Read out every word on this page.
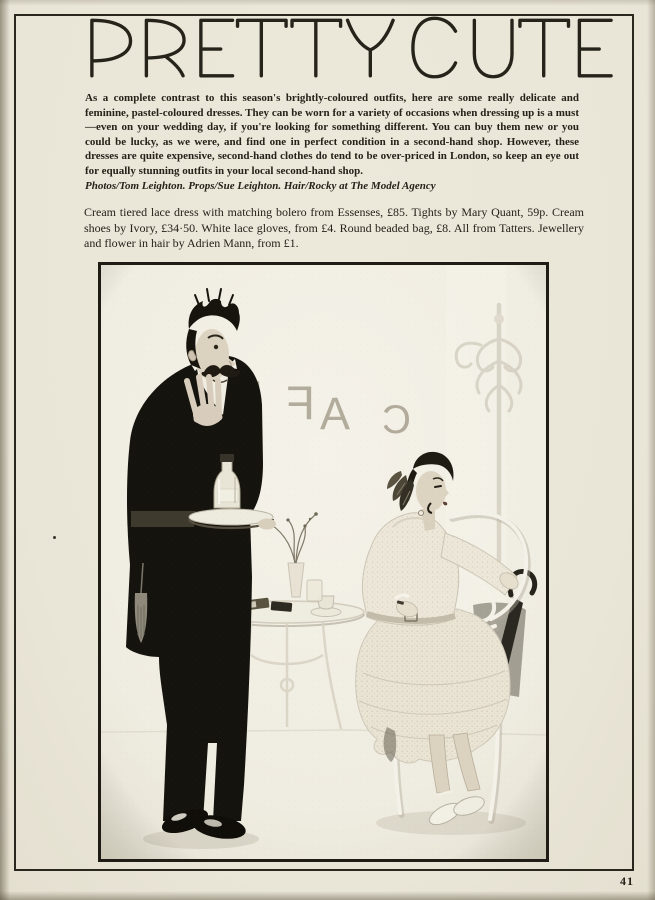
As a complete contrast to this season's brightly-coloured outfits, here are some really delicate and feminine, pastel-coloured dresses. They can be worn for a variety of occasions when dressing up is a must —even on your wedding day, if you're looking for something different. You can buy them new or you could be lucky, as we were, and find one in perfect condition in a second-hand shop. However, these dresses are quite expensive, second-hand clothes do tend to be over-priced in London, so keep an eye out for equally stunning outfits in your local second-hand shop.

Photos/Tom Leighton. Props/Sue Leighton. Hair/Rocky at The Model Agency

Cream tiered lace dress with matching bolero from Essenses, £85. Tights by Mary Quant, 59p. Cream shoes by Ivory, £34·50. White lace gloves, from £4. Round beaded bag, £8. All from Tatters. Jewellery and flower in hair by Adrien Mann, from £1.

41
